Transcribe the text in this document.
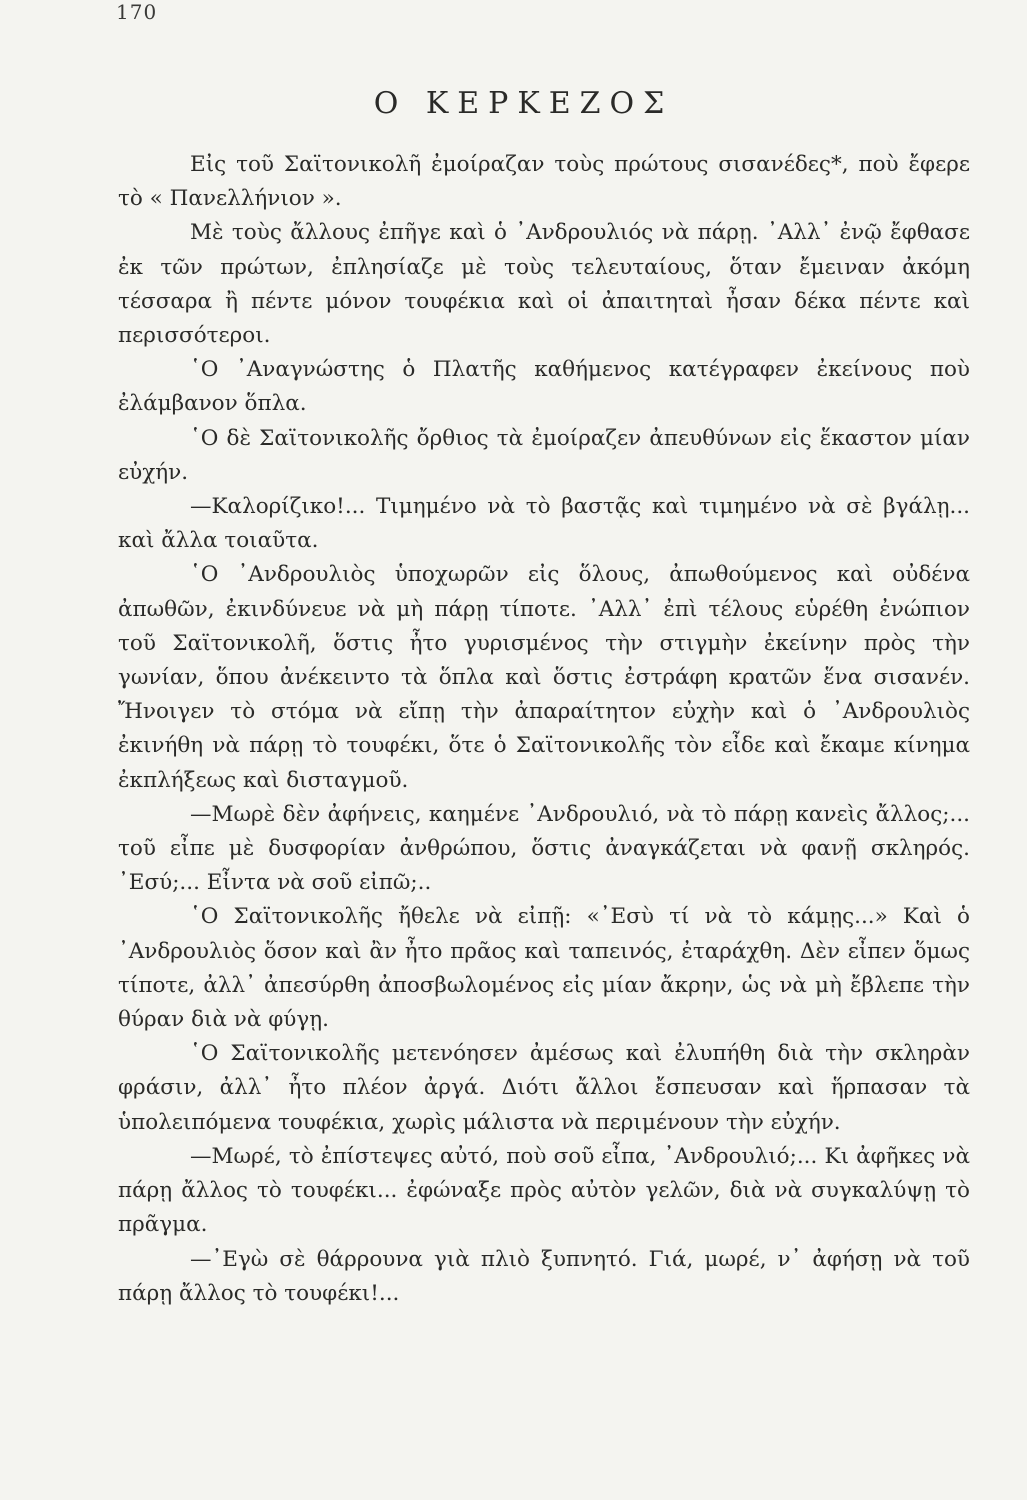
170
Ο ΚΕΡΚΕΖΟΣ

Εἰς τοῦ Σαϊτονικολῆ ἐμοίραζαν τοὺς πρώτους σισανέδες*, ποὺ ἔφερε τὸ « Πανελλήνιον ».

Μὲ τοὺς ἄλλους ἐπῆγε καὶ ὁ ᾿Ανδρουλιός νὰ πάρῃ. ᾿Αλλ᾽ ἐνῷ ἔφθασε ἐκ τῶν πρώτων, ἐπλησίαζε μὲ τοὺς τελευταίους, ὅταν ἔμειναν ἀκόμη τέσσαρα ἢ πέντε μόνον τουφέκια καὶ οἱ ἀπαιτηταὶ ἦσαν δέκα πέντε καὶ περισσότεροι.

῾Ο ᾿Αναγνώστης ὁ Πλατῆς καθήμενος κατέγραφεν ἐκείνους ποὺ ἐλάμβανον ὅπλα.

῾Ο δὲ Σαϊτονικολῆς ὄρθιος τὰ ἐμοίραζεν ἀπευθύνων εἰς ἕκαστον μίαν εὐχήν.

—Καλορίζικο!... Τιμημένο νὰ τὸ βαστᾷς καὶ τιμημένο νὰ σὲ βγάλῃ... καὶ ἄλλα τοιαῦτα.

῾Ο ᾿Ανδρουλιὸς ὑποχωρῶν εἰς ὅλους, ἀπωθούμενος καὶ οὐδένα ἀπωθῶν, ἐκινδύνευε νὰ μὴ πάρῃ τίποτε. ᾿Αλλ᾽ ἐπὶ τέλους εὑρέθη ἐνώπιον τοῦ Σαϊτονικολῆ, ὅστις ἦτο γυρισμένος τὴν στιγμὴν ἐκείνην πρὸς τὴν γωνίαν, ὅπου ἀνέκειντο τὰ ὅπλα καὶ ὅστις ἐστράφη κρατῶν ἕνα σισανέν. Ἤνοιγεν τὸ στόμα νὰ εἴπῃ τὴν ἀπαραίτητον εὐχὴν καὶ ὁ ᾿Ανδρουλιὸς ἐκινήθη νὰ πάρῃ τὸ τουφέκι, ὅτε ὁ Σαϊτονικολῆς τὸν εἶδε καὶ ἔκαμε κίνημα ἐκπλήξεως καὶ δισταγμοῦ.

—Μωρὲ δὲν ἀφήνεις, καημένε ᾿Ανδρουλιό, νὰ τὸ πάρῃ κανεὶς ἄλλος;... τοῦ εἶπε μὲ δυσφορίαν ἀνθρώπου, ὅστις ἀναγκάζεται νὰ φανῇ σκληρός. ᾿Εσύ;... Εἶντα νὰ σοῦ εἰπῶ;..

῾Ο Σαϊτονικολῆς ἤθελε νὰ εἰπῇ: «᾿Εσὺ τί νὰ τὸ κάμῃς...» Καὶ ὁ ᾿Ανδρουλιὸς ὅσον καὶ ἂν ἦτο πρᾶος καὶ ταπεινός, ἐταράχθη. Δὲν εἶπεν ὅμως τίποτε, ἀλλ᾽ ἀπεσύρθη ἀποσβωλομένος εἰς μίαν ἄκρην, ὡς νὰ μὴ ἔβλεπε τὴν θύραν διὰ νὰ φύγῃ.

῾Ο Σαϊτονικολῆς μετενόησεν ἀμέσως καὶ ἐλυπήθη διὰ τὴν σκληρὰν φράσιν, ἀλλ᾽ ἦτο πλέον ἀργά. Διότι ἄλλοι ἔσπευσαν καὶ ἥρπασαν τὰ ὑπολειπόμενα τουφέκια, χωρὶς μάλιστα νὰ περιμένουν τὴν εὐχήν.

—Μωρέ, τὸ ἐπίστεψες αὐτό, ποὺ σοῦ εἶπα, ᾿Ανδρουλιό;... Κι ἀφῆκες νὰ πάρῃ ἄλλος τὸ τουφέκι... ἐφώναξε πρὸς αὐτὸν γελῶν, διὰ νὰ συγκαλύψῃ τὸ πρᾶγμα.

—᾿Εγὼ σὲ θάρρουνα γιὰ πλιὸ ξυπνητό. Γιά, μωρέ, ν᾽ ἀφήσῃ νὰ τοῦ πάρῃ ἄλλος τὸ τουφέκι!...
